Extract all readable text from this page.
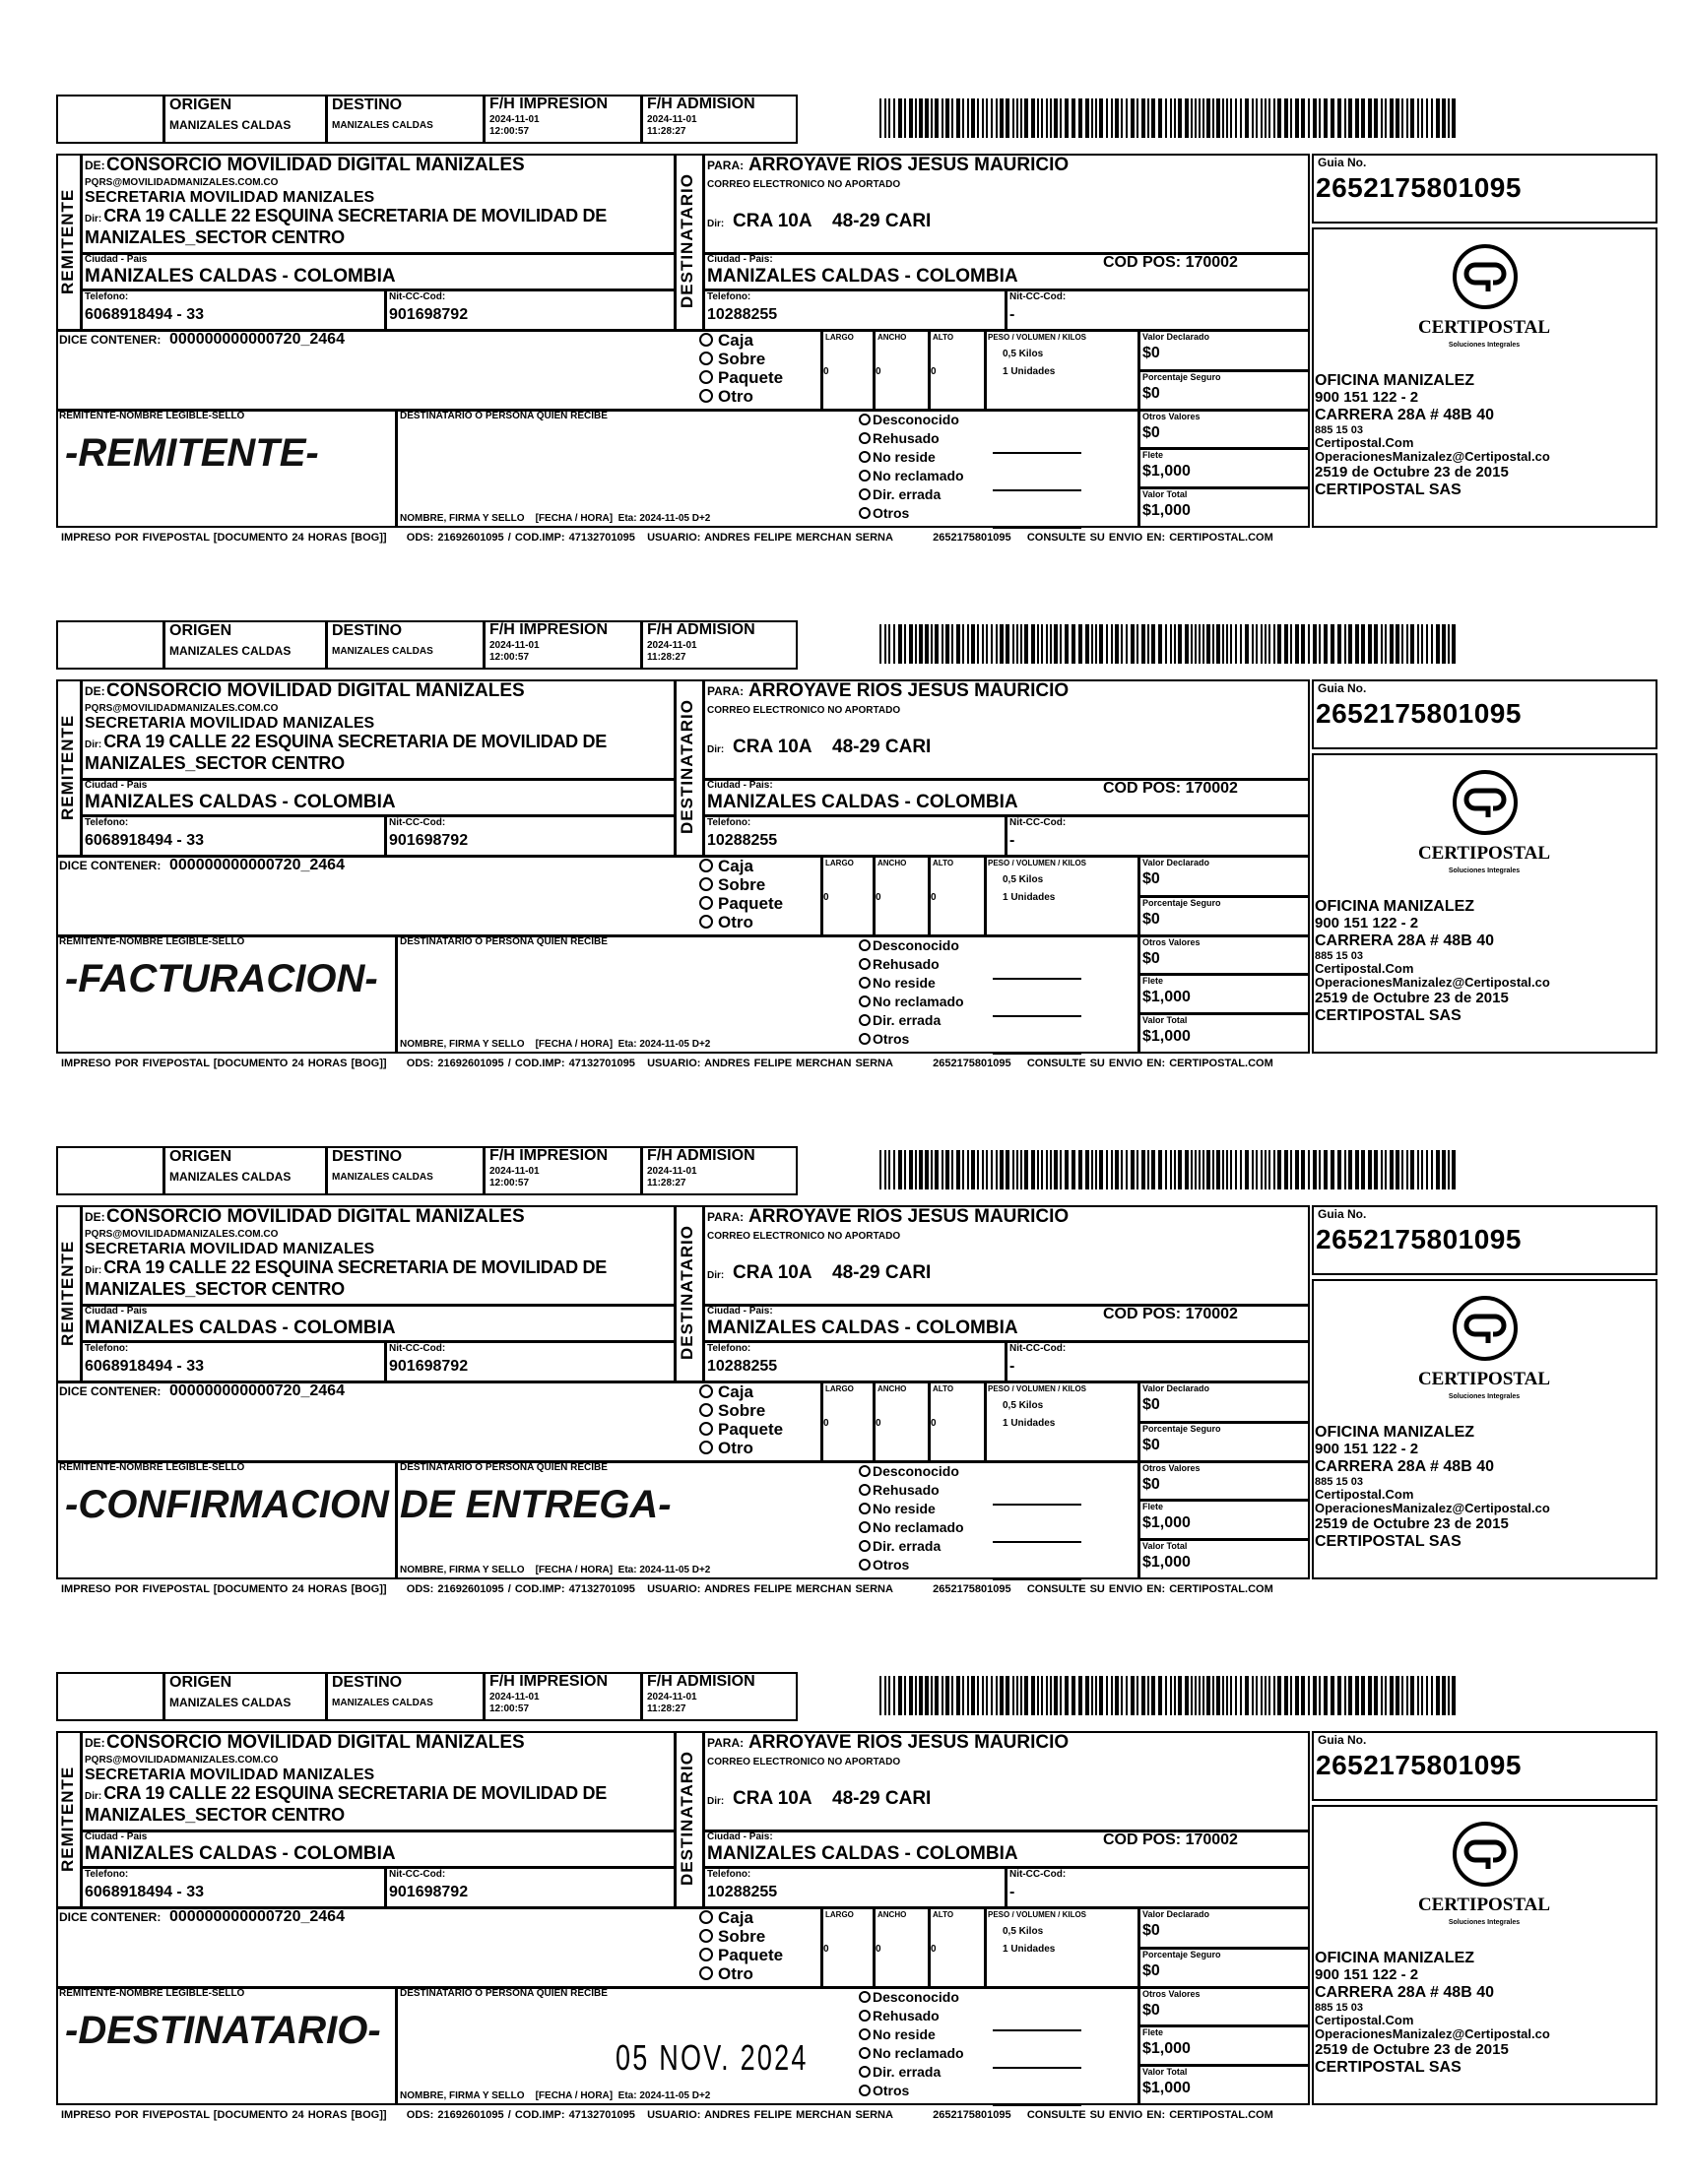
ORIGEN
MANIZALES CALDAS
DESTINO
MANIZALES CALDAS
F/H IMPRESION
2024-11-01
12:00:57
F/H ADMISION
2024-11-01
11:28:27
REMITENTE	DESTINATARIO
DE: CONSORCIO MOVILIDAD DIGITAL MANIZALES
PQRS@MOVILIDADMANIZALES.COM.CO
SECRETARIA MOVILIDAD MANIZALES
Dir: CRA 19 CALLE 22 ESQUINA SECRETARIA DE MOVILIDAD DE MANIZALES_SECTOR CENTRO
Ciudad - Pais
MANIZALES CALDAS - COLOMBIA
Telefono:
6068918494 - 33
Nit-CC-Cod:
901698792
PARA: ARROYAVE RIOS JESUS MAURICIO
CORREO ELECTRONICO NO APORTADO
Dir: CRA 10A    48-29 CARI
Ciudad - Pais:
MANIZALES CALDAS - COLOMBIA
COD POS: 170002
Telefono:
10288255
Nit-CC-Cod:
-
DICE CONTENER: 000000000000720_2464	Caja
Sobre
Paquete
Otro
LARGO	ANCHO	ALTO
0	0	0
PESO / VOLUMEN / KILOS
0,5 Kilos
1 Unidades
Valor Declarado
$0
Porcentaje Seguro
$0
Otros Valores
$0
Flete
$1,000
Valor Total
$1,000
REMITENTE-NOMBRE LEGIBLE-SELLO	DESTINATARIO O PERSONA QUIEN RECIBE
NOMBRE, FIRMA Y SELLO    [FECHA / HORA]  Eta: 2024-11-05 D+2
Desconocido
Rehusado
No reside
No reclamado
Dir. errada
Otros
Guia No.
2652175801095
CERTIPOSTAL
Soluciones Integrales
OFICINA MANIZALEZ
900 151 122 - 2
CARRERA 28A # 48B 40
885 15 03
Certipostal.Com
OperacionesManizalez@Certipostal.co
2519 de Octubre 23 de 2015
CERTIPOSTAL SAS
IMPRESO POR FIVEPOSTAL [DOCUMENTO 24 HORAS [BOG]]     ODS: 21692601095 / COD.IMP: 47132701095   USUARIO: ANDRES FELIPE MERCHAN SERNA          2652175801095    CONSULTE SU ENVIO EN: CERTIPOSTAL.COM
-REMITENTE-
ORIGEN
MANIZALES CALDAS
DESTINO
MANIZALES CALDAS
F/H IMPRESION
2024-11-01
12:00:57
F/H ADMISION
2024-11-01
11:28:27
REMITENTE	DESTINATARIO
DE: CONSORCIO MOVILIDAD DIGITAL MANIZALES
PQRS@MOVILIDADMANIZALES.COM.CO
SECRETARIA MOVILIDAD MANIZALES
Dir: CRA 19 CALLE 22 ESQUINA SECRETARIA DE MOVILIDAD DE MANIZALES_SECTOR CENTRO
Ciudad - Pais
MANIZALES CALDAS - COLOMBIA
Telefono:
6068918494 - 33
Nit-CC-Cod:
901698792
PARA: ARROYAVE RIOS JESUS MAURICIO
CORREO ELECTRONICO NO APORTADO
Dir: CRA 10A    48-29 CARI
Ciudad - Pais:
MANIZALES CALDAS - COLOMBIA
COD POS: 170002
Telefono:
10288255
Nit-CC-Cod:
-
DICE CONTENER: 000000000000720_2464	Caja
Sobre
Paquete
Otro
LARGO	ANCHO	ALTO
0	0	0
PESO / VOLUMEN / KILOS
0,5 Kilos
1 Unidades
Valor Declarado
$0
Porcentaje Seguro
$0
Otros Valores
$0
Flete
$1,000
Valor Total
$1,000
REMITENTE-NOMBRE LEGIBLE-SELLO	DESTINATARIO O PERSONA QUIEN RECIBE
NOMBRE, FIRMA Y SELLO    [FECHA / HORA]  Eta: 2024-11-05 D+2
Desconocido
Rehusado
No reside
No reclamado
Dir. errada
Otros
Guia No.
2652175801095
CERTIPOSTAL
Soluciones Integrales
OFICINA MANIZALEZ
900 151 122 - 2
CARRERA 28A # 48B 40
885 15 03
Certipostal.Com
OperacionesManizalez@Certipostal.co
2519 de Octubre 23 de 2015
CERTIPOSTAL SAS
IMPRESO POR FIVEPOSTAL [DOCUMENTO 24 HORAS [BOG]]     ODS: 21692601095 / COD.IMP: 47132701095   USUARIO: ANDRES FELIPE MERCHAN SERNA          2652175801095    CONSULTE SU ENVIO EN: CERTIPOSTAL.COM
-FACTURACION-
ORIGEN
MANIZALES CALDAS
DESTINO
MANIZALES CALDAS
F/H IMPRESION
2024-11-01
12:00:57
F/H ADMISION
2024-11-01
11:28:27
REMITENTE	DESTINATARIO
DE: CONSORCIO MOVILIDAD DIGITAL MANIZALES
PQRS@MOVILIDADMANIZALES.COM.CO
SECRETARIA MOVILIDAD MANIZALES
Dir: CRA 19 CALLE 22 ESQUINA SECRETARIA DE MOVILIDAD DE MANIZALES_SECTOR CENTRO
Ciudad - Pais
MANIZALES CALDAS - COLOMBIA
Telefono:
6068918494 - 33
Nit-CC-Cod:
901698792
PARA: ARROYAVE RIOS JESUS MAURICIO
CORREO ELECTRONICO NO APORTADO
Dir: CRA 10A    48-29 CARI
Ciudad - Pais:
MANIZALES CALDAS - COLOMBIA
COD POS: 170002
Telefono:
10288255
Nit-CC-Cod:
-
DICE CONTENER: 000000000000720_2464	Caja
Sobre
Paquete
Otro
LARGO	ANCHO	ALTO
0	0	0
PESO / VOLUMEN / KILOS
0,5 Kilos
1 Unidades
Valor Declarado
$0
Porcentaje Seguro
$0
Otros Valores
$0
Flete
$1,000
Valor Total
$1,000
REMITENTE-NOMBRE LEGIBLE-SELLO	DESTINATARIO O PERSONA QUIEN RECIBE
NOMBRE, FIRMA Y SELLO    [FECHA / HORA]  Eta: 2024-11-05 D+2
Desconocido
Rehusado
No reside
No reclamado
Dir. errada
Otros
Guia No.
2652175801095
CERTIPOSTAL
Soluciones Integrales
OFICINA MANIZALEZ
900 151 122 - 2
CARRERA 28A # 48B 40
885 15 03
Certipostal.Com
OperacionesManizalez@Certipostal.co
2519 de Octubre 23 de 2015
CERTIPOSTAL SAS
IMPRESO POR FIVEPOSTAL [DOCUMENTO 24 HORAS [BOG]]     ODS: 21692601095 / COD.IMP: 47132701095   USUARIO: ANDRES FELIPE MERCHAN SERNA          2652175801095    CONSULTE SU ENVIO EN: CERTIPOSTAL.COM
-CONFIRMACION DE ENTREGA-
ORIGEN
MANIZALES CALDAS
DESTINO
MANIZALES CALDAS
F/H IMPRESION
2024-11-01
12:00:57
F/H ADMISION
2024-11-01
11:28:27
REMITENTE	DESTINATARIO
DE: CONSORCIO MOVILIDAD DIGITAL MANIZALES
PQRS@MOVILIDADMANIZALES.COM.CO
SECRETARIA MOVILIDAD MANIZALES
Dir: CRA 19 CALLE 22 ESQUINA SECRETARIA DE MOVILIDAD DE MANIZALES_SECTOR CENTRO
Ciudad - Pais
MANIZALES CALDAS - COLOMBIA
Telefono:
6068918494 - 33
Nit-CC-Cod:
901698792
PARA: ARROYAVE RIOS JESUS MAURICIO
CORREO ELECTRONICO NO APORTADO
Dir: CRA 10A    48-29 CARI
Ciudad - Pais:
MANIZALES CALDAS - COLOMBIA
COD POS: 170002
Telefono:
10288255
Nit-CC-Cod:
-
DICE CONTENER: 000000000000720_2464	Caja
Sobre
Paquete
Otro
LARGO	ANCHO	ALTO
0	0	0
PESO / VOLUMEN / KILOS
0,5 Kilos
1 Unidades
Valor Declarado
$0
Porcentaje Seguro
$0
Otros Valores
$0
Flete
$1,000
Valor Total
$1,000
REMITENTE-NOMBRE LEGIBLE-SELLO	DESTINATARIO O PERSONA QUIEN RECIBE
NOMBRE, FIRMA Y SELLO    [FECHA / HORA]  Eta: 2024-11-05 D+2
Desconocido
Rehusado
No reside
No reclamado
Dir. errada
Otros
Guia No.
2652175801095
CERTIPOSTAL
Soluciones Integrales
OFICINA MANIZALEZ
900 151 122 - 2
CARRERA 28A # 48B 40
885 15 03
Certipostal.Com
OperacionesManizalez@Certipostal.co
2519 de Octubre 23 de 2015
CERTIPOSTAL SAS
IMPRESO POR FIVEPOSTAL [DOCUMENTO 24 HORAS [BOG]]     ODS: 21692601095 / COD.IMP: 47132701095   USUARIO: ANDRES FELIPE MERCHAN SERNA          2652175801095    CONSULTE SU ENVIO EN: CERTIPOSTAL.COM
-DESTINATARIO-
05 NOV. 2024
